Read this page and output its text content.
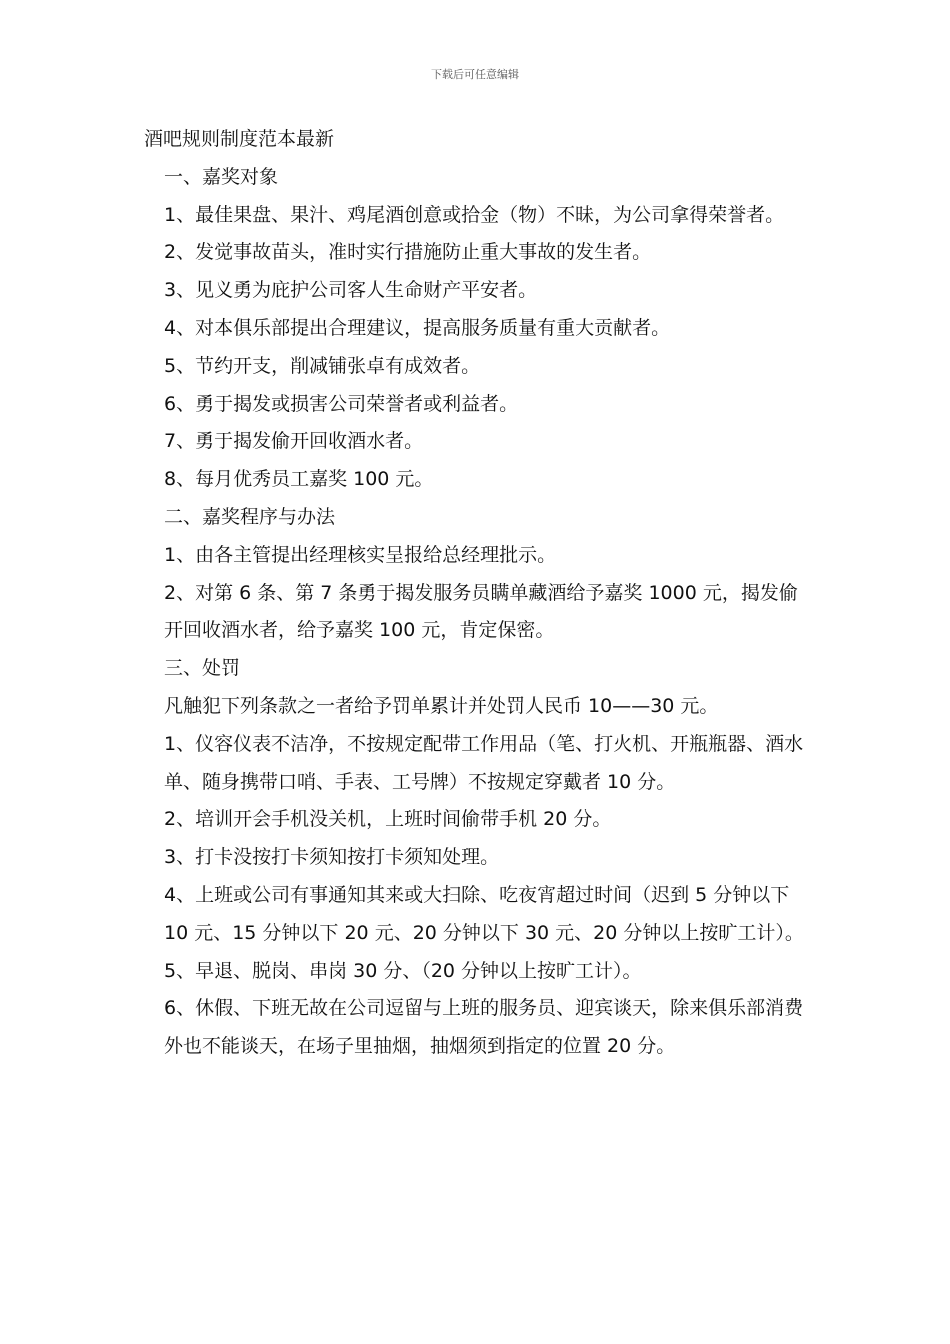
下载后可任意编辑

酒吧规则制度范本最新

一、嘉奖对象

1、最佳果盘、果汁、鸡尾酒创意或拾金（物）不昧，为公司拿得荣誉者。

2、发觉事故苗头，准时实行措施防止重大事故的发生者。

3、见义勇为庇护公司客人生命财产平安者。

4、对本俱乐部提出合理建议，提高服务质量有重大贡献者。

5、节约开支，削减铺张卓有成效者。

6、勇于揭发或损害公司荣誉者或利益者。

7、勇于揭发偷开回收酒水者。

8、每月优秀员工嘉奖 100 元。

二、嘉奖程序与办法

1、由各主管提出经理核实呈报给总经理批示。

2、对第 6 条、第 7 条勇于揭发服务员瞒单藏酒给予嘉奖 1000 元，揭发偷开回收酒水者，给予嘉奖 100 元，肯定保密。

三、处罚

凡触犯下列条款之一者给予罚单累计并处罚人民币 10——30 元。

1、仪容仪表不洁净，不按规定配带工作用品（笔、打火机、开瓶瓶器、酒水单、随身携带口哨、手表、工号牌）不按规定穿戴者 10 分。

2、培训开会手机没关机，上班时间偷带手机 20 分。

3、打卡没按打卡须知按打卡须知处理。

4、上班或公司有事通知其来或大扫除、吃夜宵超过时间（迟到 5 分钟以下 10 元、15 分钟以下 20 元、20 分钟以下 30 元、20 分钟以上按旷工计）。

5、早退、脱岗、串岗 30 分、（20 分钟以上按旷工计）。

6、休假、下班无故在公司逗留与上班的服务员、迎宾谈天，除来俱乐部消费外也不能谈天，在场子里抽烟，抽烟须到指定的位置 20 分。
